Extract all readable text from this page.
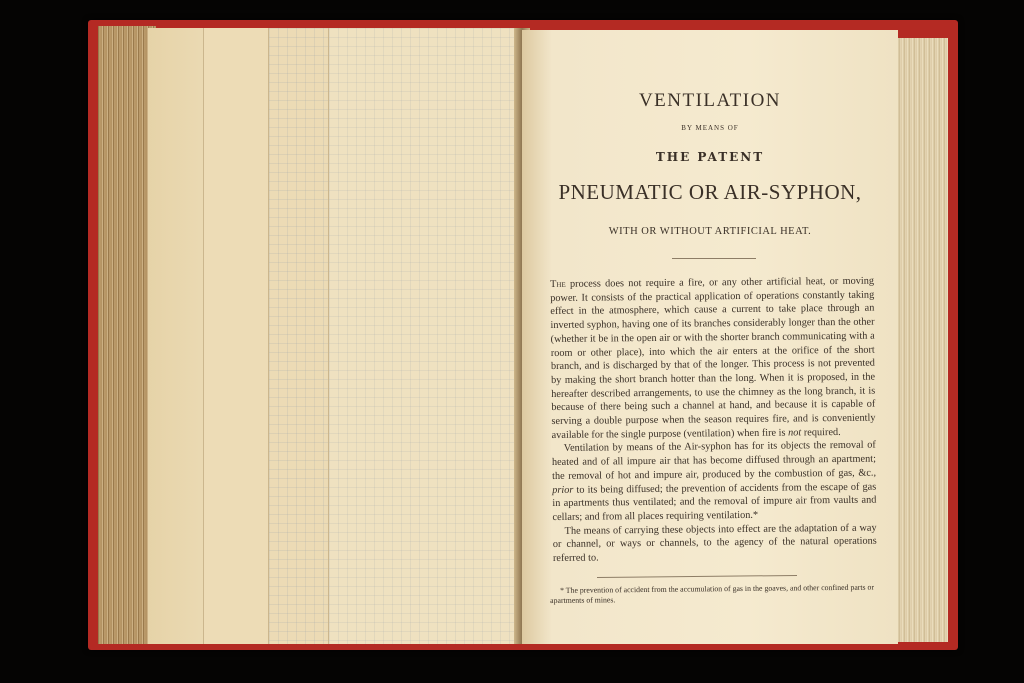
VENTILATION
BY MEANS OF
THE PATENT
PNEUMATIC OR AIR-SYPHON,
WITH OR WITHOUT ARTIFICIAL HEAT.

The process does not require a fire, or any other artificial heat, or moving power. It consists of the practical application of operations constantly taking effect in the atmosphere, which cause a current to take place through an inverted syphon, having one of its branches considerably longer than the other (whether it be in the open air or with the shorter branch communicating with a room or other place), into which the air enters at the orifice of the short branch, and is discharged by that of the longer. This process is not prevented by making the short branch hotter than the long. When it is proposed, in the hereafter described arrangements, to use the chimney as the long branch, it is because of there being such a channel at hand, and because it is capable of serving a double purpose when the season requires fire, and is conveniently available for the single purpose (ventilation) when fire is not required.

Ventilation by means of the Air-syphon has for its objects the removal of heated and of all impure air that has become diffused through an apartment; the removal of hot and impure air, produced by the combustion of gas, &c., prior to its being diffused; the prevention of accidents from the escape of gas in apartments thus ventilated; and the removal of impure air from vaults and cellars; and from all places requiring ventilation.*

The means of carrying these objects into effect are the adaptation of a way or channel, or ways or channels, to the agency of the natural operations referred to.

* The prevention of accident from the accumulation of gas in the goaves, and other confined parts or apartments of mines.
